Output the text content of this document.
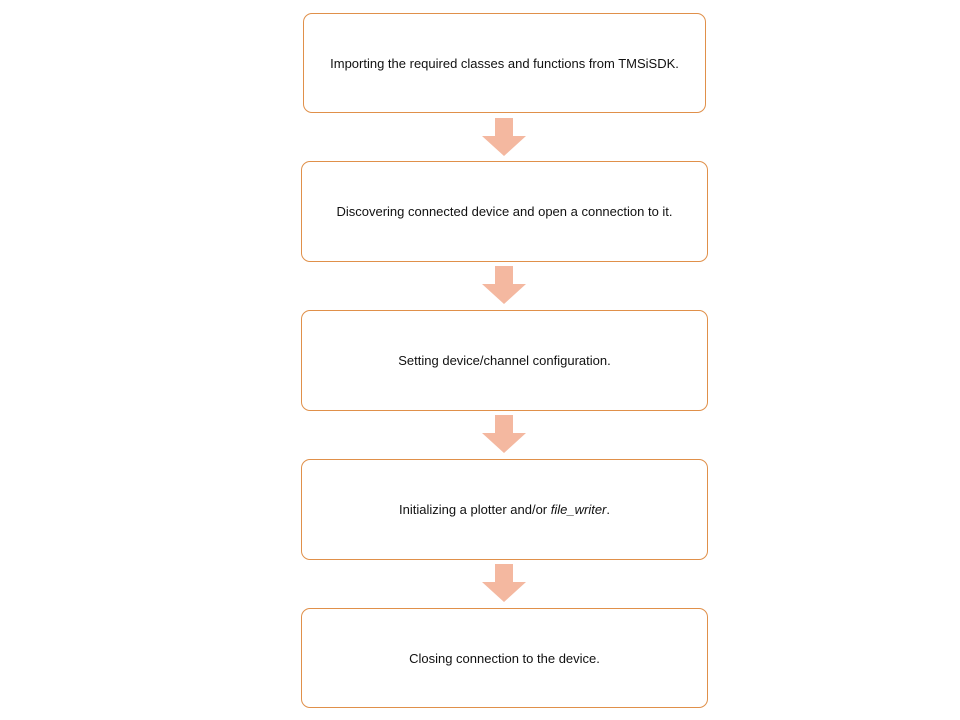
Importing the required classes and functions from TMSiSDK.
Discovering connected device and open a connection to it.
Setting device/channel configuration.
Initializing a plotter and/or file_writer.
Closing connection to the device.
